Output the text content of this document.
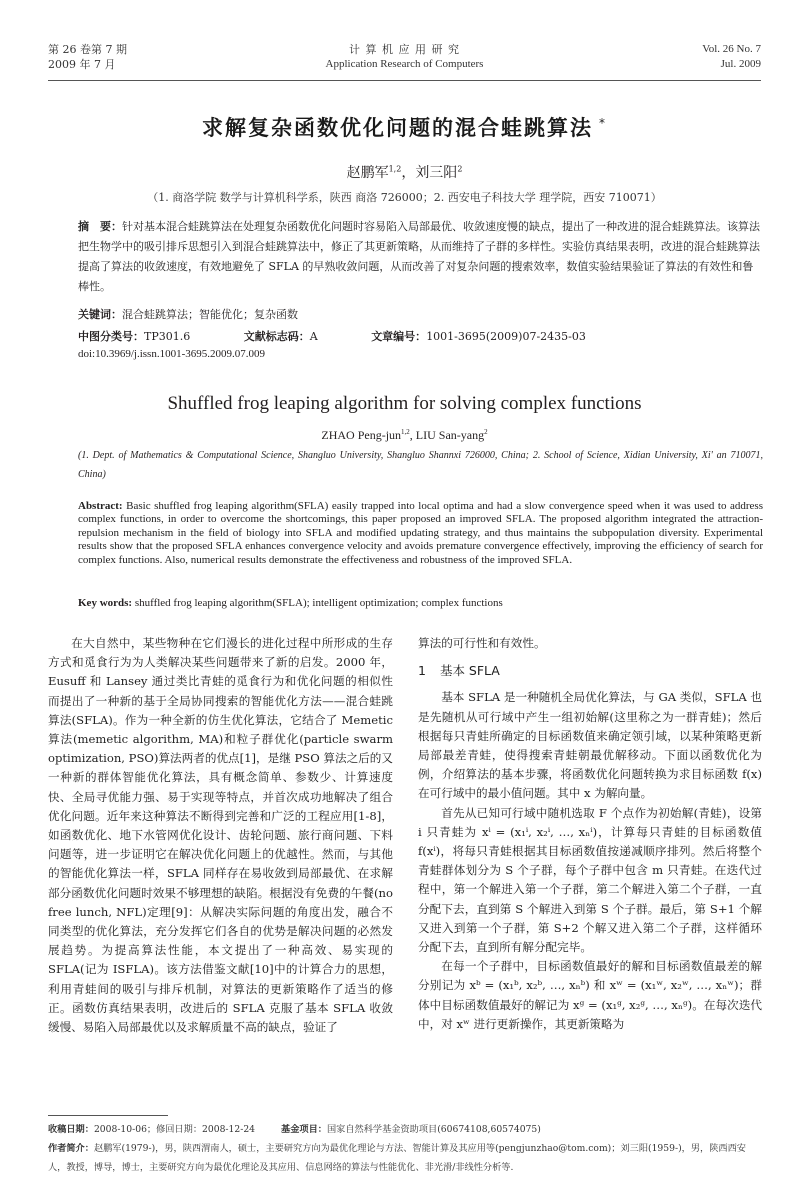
第 26 卷第 7 期
2009 年 7 月
计 算 机 应 用 研 究
Application Research of Computers
Vol. 26 No. 7
Jul. 2009
求解复杂函数优化问题的混合蛙跳算法 *
赵鹏军$^{1,2}$，刘三阳$^2$
（1. 商洛学院 数学与计算机科学系，陕西 商洛 726000；2. 西安电子科技大学 理学院，西安 710071）
摘　要：针对基本混合蛙跳算法在处理复杂函数优化问题时容易陷入局部最优、收敛速度慢的缺点，提出了一种改进的混合蛙跳算法。该算法把生物学中的吸引排斥思想引入到混合蛙跳算法中，修正了其更新策略，从而维持了子群的多样性。实验仿真结果表明，改进的混合蛙跳算法提高了算法的收敛速度，有效地避免了 SFLA 的早熟收敛问题，从而改善了对复杂问题的搜索效率，数值实验结果验证了算法的有效性和鲁棒性。
关键词：混合蛙跳算法；智能优化；复杂函数
中图分类号：TP301.6	文献标志码：A	文章编号：1001-3695(2009)07-2435-03
doi:10.3969/j.issn.1001-3695.2009.07.009
Shuffled frog leaping algorithm for solving complex functions
ZHAO Peng-jun$^{1,2}$, LIU San-yang$^2$
(1. Dept. of Mathematics & Computational Science, Shangluo University, Shangluo Shannxi 726000, China; 2. School of Science, Xidian University, Xi' an 710071, China)
Abstract: Basic shuffled frog leaping algorithm(SFLA) easily trapped into local optima and had a slow convergence speed when it was used to address complex functions, in order to overcome the shortcomings, this paper proposed an improved SFLA. The proposed algorithm integrated the attraction-repulsion mechanism in the field of biology into SFLA and modified updating strategy, and thus maintains the subpopulation diversity. Experimental results show that the proposed SFLA enhances convergence velocity and avoids premature convergence effectively, improving the efficiency of search for complex functions. Also, numerical results demonstrate the effectiveness and robustness of the improved SFLA.
Key words: shuffled frog leaping algorithm(SFLA); intelligent optimization; complex functions

在大自然中，某些物种在它们漫长的进化过程中所形成的生存方式和觅食行为为人类解决某些问题带来了新的启发。2000 年，Eusuff 和 Lansey 通过类比青蛙的觅食行为和优化问题的相似性而提出了一种新的基于全局协同搜索的智能优化方法——混合蛙跳算法(SFLA)。作为一种全新的仿生优化算法，它结合了 Memetic 算法(memetic algorithm, MA)和粒子群优化(particle swarm optimization, PSO)算法两者的优点[1]，是继 PSO 算法之后的又一种新的群体智能优化算法，具有概念简单、参数少、计算速度快、全局寻优能力强、易于实现等特点，并首次成功地解决了组合优化问题。近年来这种算法不断得到完善和广泛的工程应用[1-8]，如函数优化、地下水管网优化设计、齿轮问题、旅行商问题、下料问题等，进一步证明它在解决优化问题上的优越性。然而，与其他的智能优化算法一样，SFLA 同样存在易收敛到局部最优、在求解部分函数优化问题时效果不够理想的缺陷。根据没有免费的午餐(no free lunch, NFL)定理[9]：从解决实际问题的角度出发，融合不同类型的优化算法，充分发挥它们各自的优势是解决问题的必然发展趋势。为提高算法性能，本文提出了一种高效、易实现的 SFLA(记为 ISFLA)。该方法借鉴文献[10]中的计算合力的思想，利用青蛙间的吸引与排斥机制，对算法的更新策略作了适当的修正。函数仿真结果表明，改进后的 SFLA 克服了基本 SFLA 收敛缓慢、易陷入局部最优以及求解质量不高的缺点，验证了

算法的可行性和有效性。

1 基本 SFLA

基本 SFLA 是一种随机全局优化算法，与 GA 类似，SFLA 也是先随机从可行域中产生一组初始解(这里称之为一群青蛙)；然后根据每只青蛙所确定的目标函数值来确定领引域，以某种策略更新局部最差青蛙，使得搜索青蛙朝最优解移动。下面以函数优化为例，介绍算法的基本步骤，将函数优化问题转换为求目标函数 f(x) 在可行域中的最小值问题。其中 x 为解向量。

首先从已知可行域中随机选取 F 个点作为初始解(青蛙)，设第 i 只青蛙为 xⁱ = (x₁ⁱ, x₂ⁱ, …, xₙⁱ)，计算每只青蛙的目标函数值 f(xⁱ)，将每只青蛙根据其目标函数值按递减顺序排列。然后将整个青蛙群体划分为 S 个子群，每个子群中包含 m 只青蛙。在迭代过程中，第一个解进入第一个子群，第二个解进入第二个子群，一直分配下去，直到第 S 个解进入到第 S 个子群。最后，第 S+1 个解又进入到第一个子群，第 S+2 个解又进入第二个子群，这样循环分配下去，直到所有解分配完毕。

在每一个子群中，目标函数值最好的解和目标函数值最差的解分别记为 xᵇ = (x₁ᵇ, x₂ᵇ, …, xₙᵇ) 和 xʷ = (x₁ʷ, x₂ʷ, …, xₙʷ)；群体中目标函数值最好的解记为 xᵍ = (x₁ᵍ, x₂ᵍ, …, xₙᵍ)。在每次迭代中，对 xʷ 进行更新操作，其更新策略为

收稿日期：2008-10-06；修回日期：2008-12-24	基金项目：国家自然科学基金资助项目(60674108,60574075)
作者简介：赵鹏军(1979-)，男，陕西渭南人，硕士，主要研究方向为最优化理论与方法、智能计算及其应用等(pengjunzhao@tom.com)；刘三阳(1959-)，男，陕西西安人，教授，博导，博士，主要研究方向为最优化理论及其应用、信息网络的算法与性能优化、非光滑/非线性分析等.
